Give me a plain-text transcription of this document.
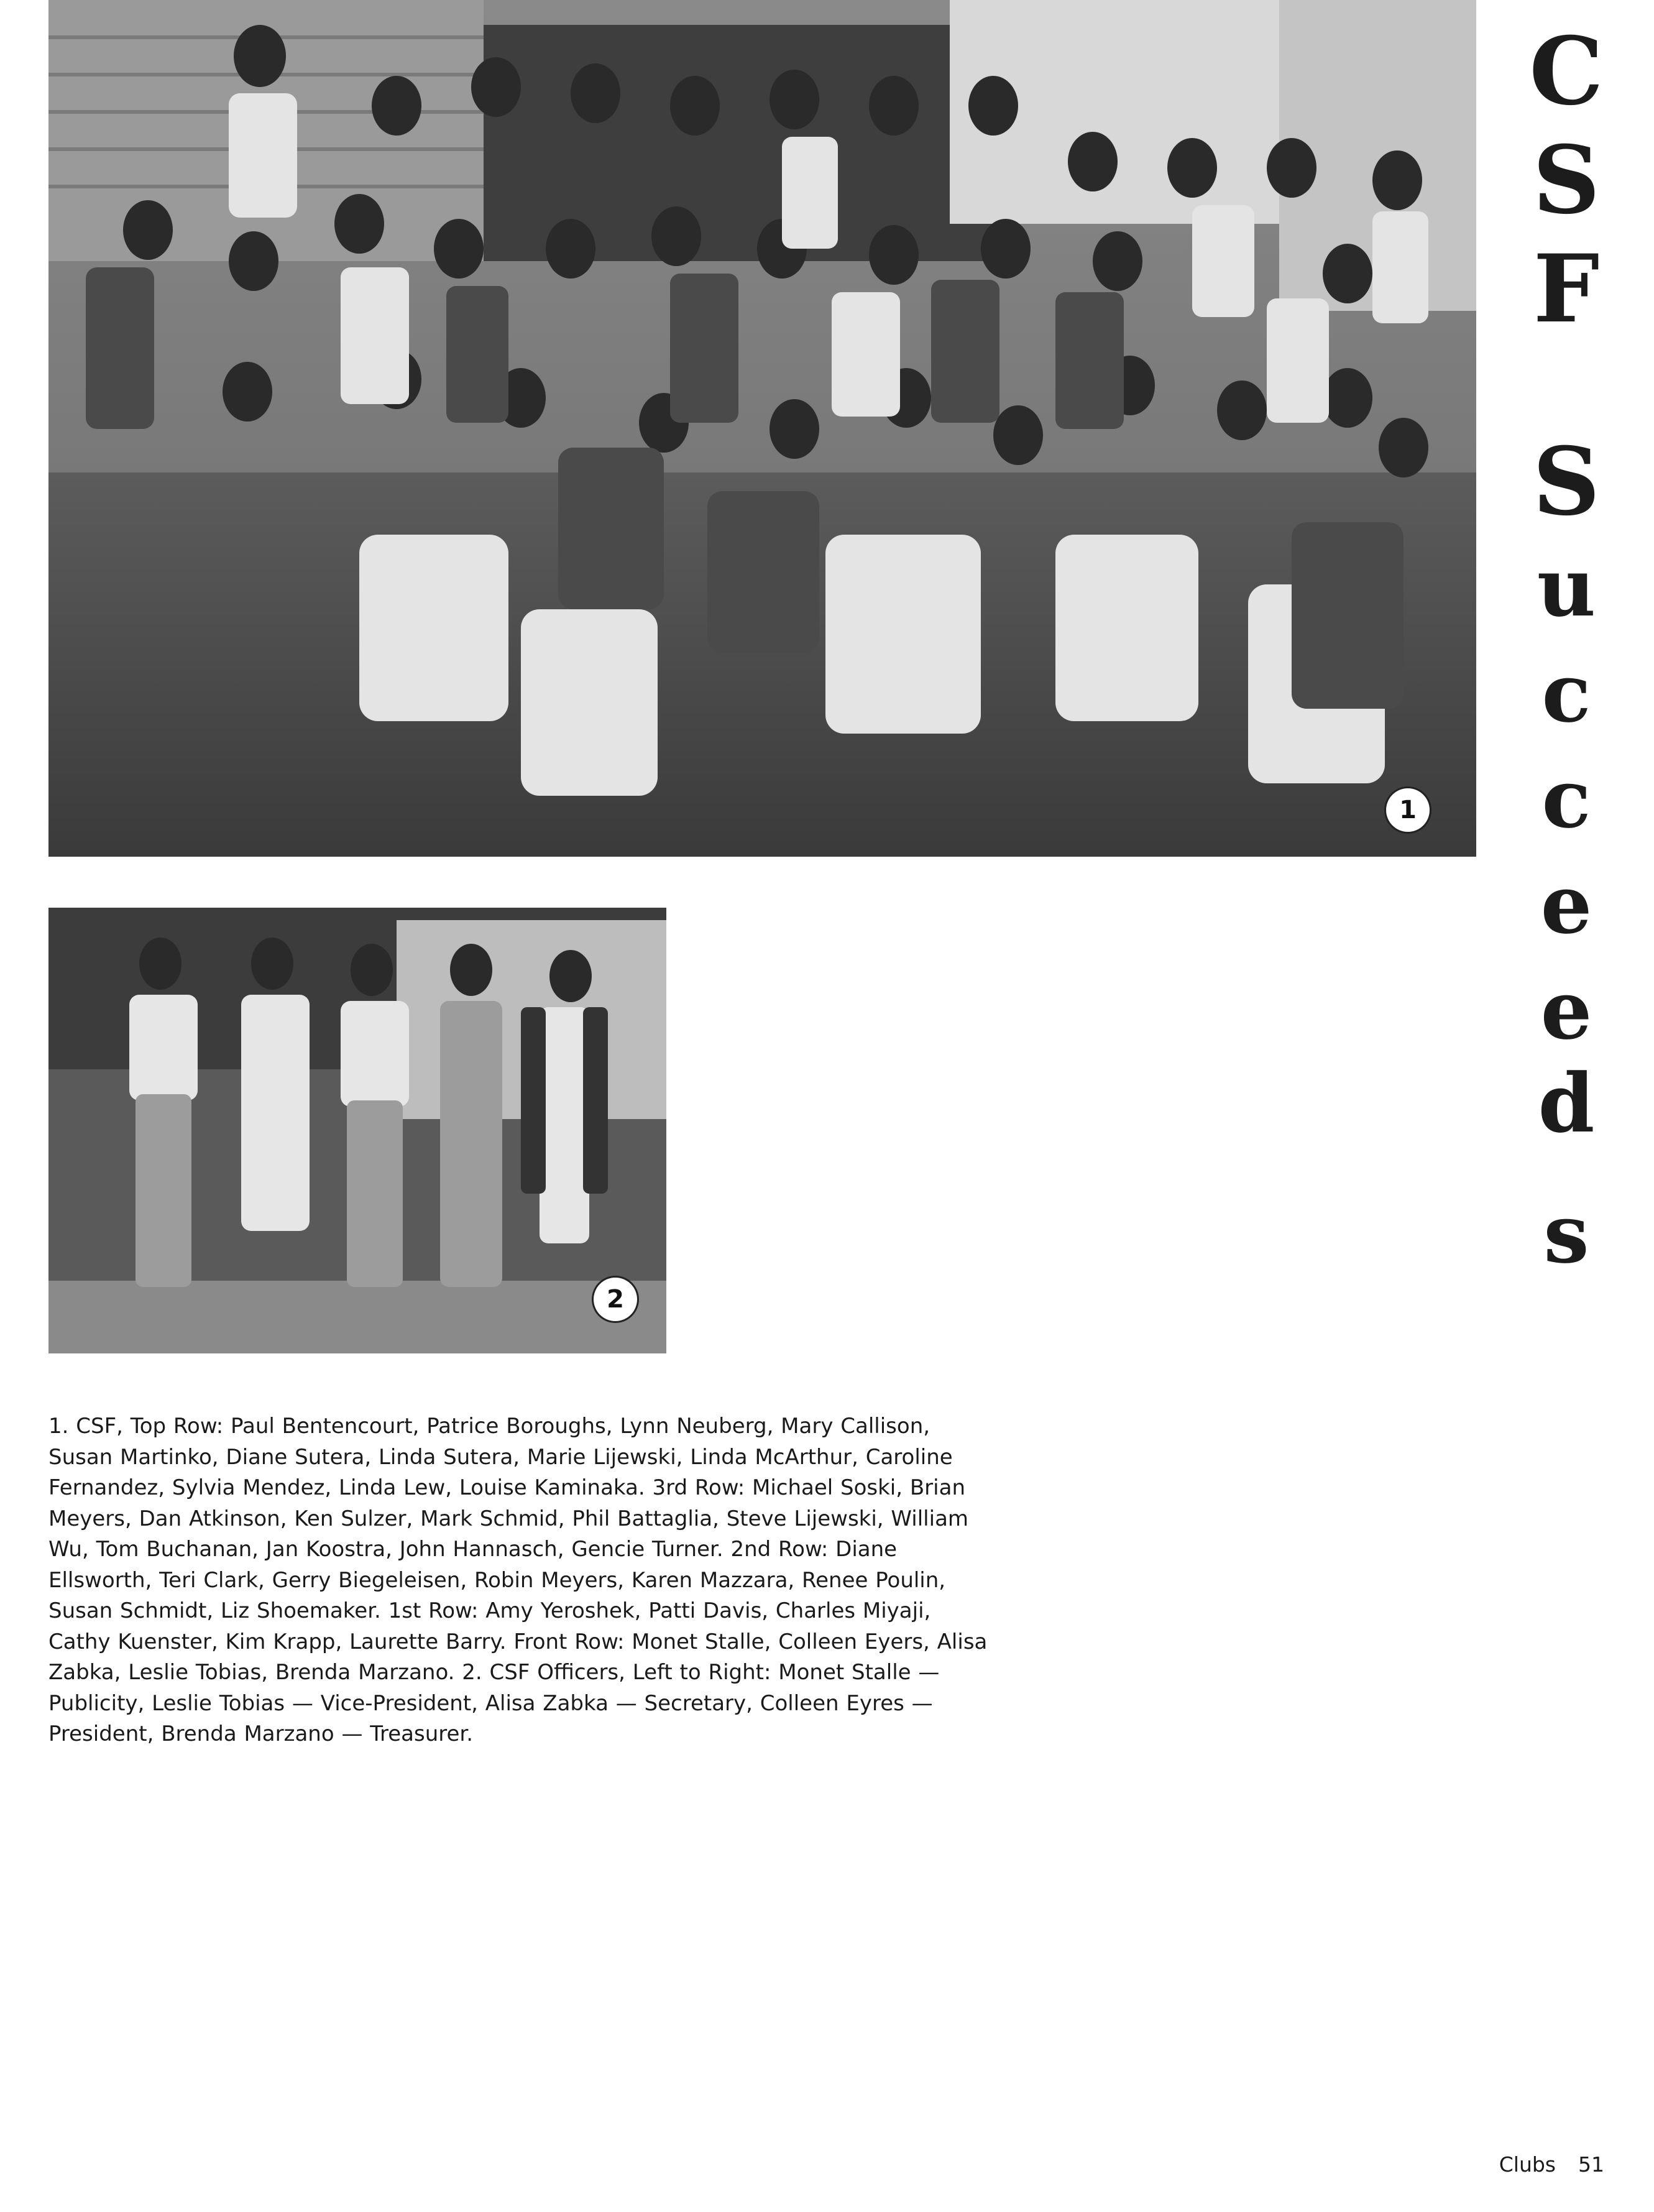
1
2
C
S
F
S
u
c
c
e
e
d
s

1. CSF, Top Row: Paul Bentencourt, Patrice Boroughs, Lynn Neuberg, Mary Callison, Susan Martinko, Diane Sutera, Linda Sutera, Marie Lijewski, Linda McArthur, Caroline Fernandez, Sylvia Mendez, Linda Lew, Louise Kaminaka. 3rd Row: Michael Soski, Brian Meyers, Dan Atkinson, Ken Sulzer, Mark Schmid, Phil Battaglia, Steve Lijewski, William Wu, Tom Buchanan, Jan Koostra, John Hannasch, Gencie Turner. 2nd Row: Diane Ellsworth, Teri Clark, Gerry Biegeleisen, Robin Meyers, Karen Mazzara, Renee Poulin, Susan Schmidt, Liz Shoemaker. 1st Row: Amy Yeroshek, Patti Davis, Charles Miyaji, Cathy Kuenster, Kim Krapp, Laurette Barry. Front Row: Monet Stalle, Colleen Eyers, Alisa Zabka, Leslie Tobias, Brenda Marzano. 2. CSF Officers, Left to Right: Monet Stalle — Publicity, Leslie Tobias — Vice-President, Alisa Zabka — Secretary, Colleen Eyres — President, Brenda Marzano — Treasurer.

Clubs 51
